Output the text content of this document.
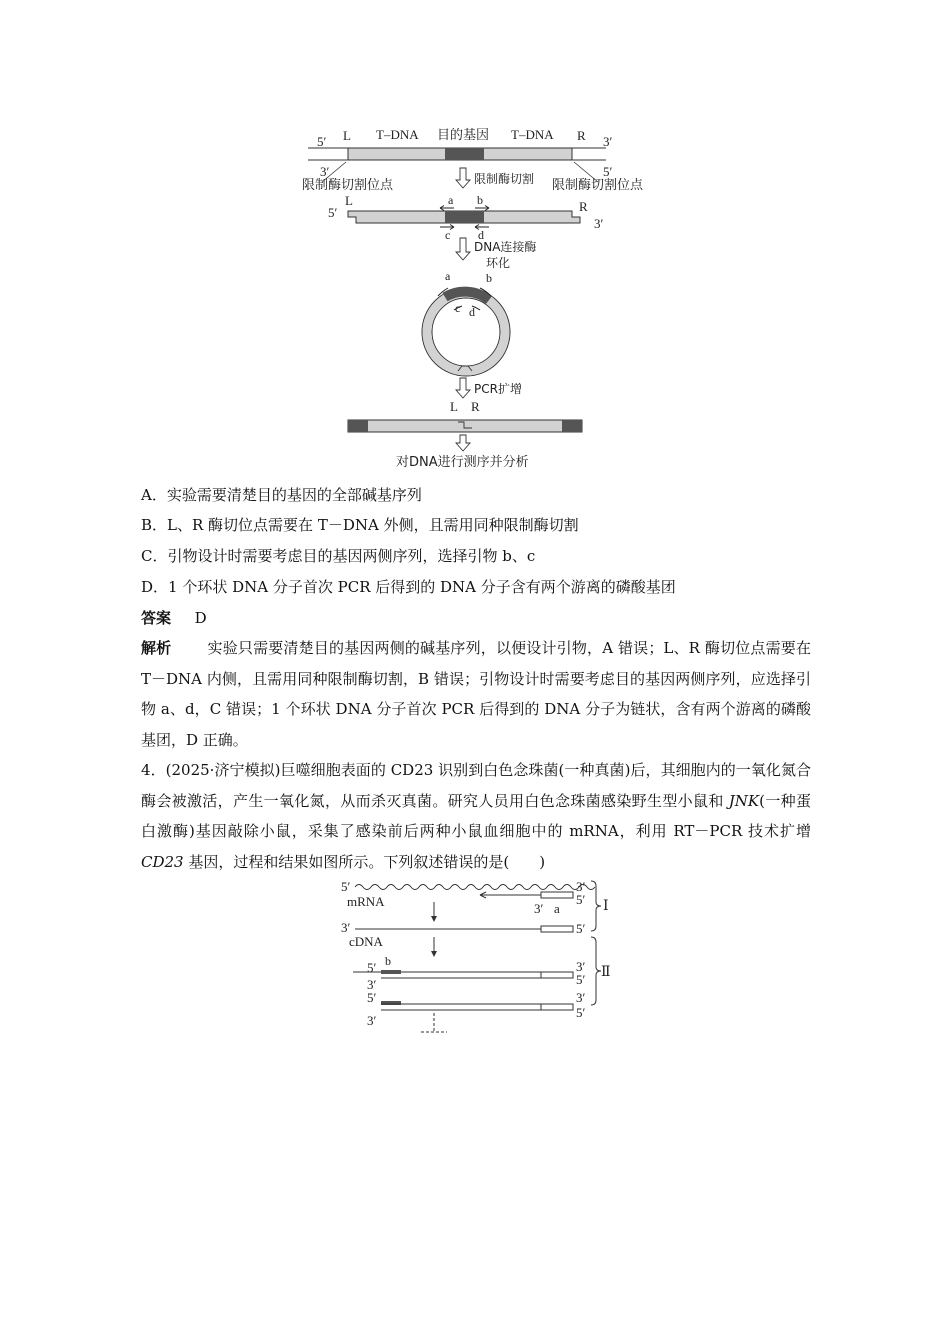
5′ L T–DNA 目的基因 T–DNA R 3′
3′	5′
限制酶切割位点	限制酶切割位点
限制酶切割
5′
L	R
3′
a b
c d
DNA连接酶
环化
a	b
c d
PCR扩增
L R
对DNA进行测序并分析
A．实验需要清楚目的基因的全部碱基序列
B．L、R 酶切位点需要在 T－DNA 外侧，且需用同种限制酶切割
C．引物设计时需要考虑目的基因两侧序列，选择引物 b、c
D．1 个环状 DNA 分子首次 PCR 后得到的 DNA 分子含有两个游离的磷酸基团
答案 D
解析 实验只需要清楚目的基因两侧的碱基序列，以便设计引物，A 错误；L、R 酶切位点需要在 T－DNA 内侧，且需用同种限制酶切割，B 错误；引物设计时需要考虑目的基因两侧序列，应选择引物 a、d，C 错误；1 个环状 DNA 分子首次 PCR 后得到的 DNA 分子为链状，含有两个游离的磷酸基团，D 正确。
4．(2025·济宁模拟)巨噬细胞表面的 CD23 识别到白色念珠菌(一种真菌)后，其细胞内的一氧化氮合酶会被激活，产生一氧化氮，从而杀灭真菌。研究人员用白色念珠菌感染野生型小鼠和 JNK(一种蛋白激酶)基因敲除小鼠，采集了感染前后两种小鼠血细胞中的 mRNA，利用 RT－PCR 技术扩增 CD23 基因，过程和结果如图所示。下列叙述错误的是(　　)
5′	3′
mRNA	5′
3′ a
3′	5′
cDNA
5′ b	3′
5′
3′
5′	3′
5′
3′
Ⅰ
Ⅱ
